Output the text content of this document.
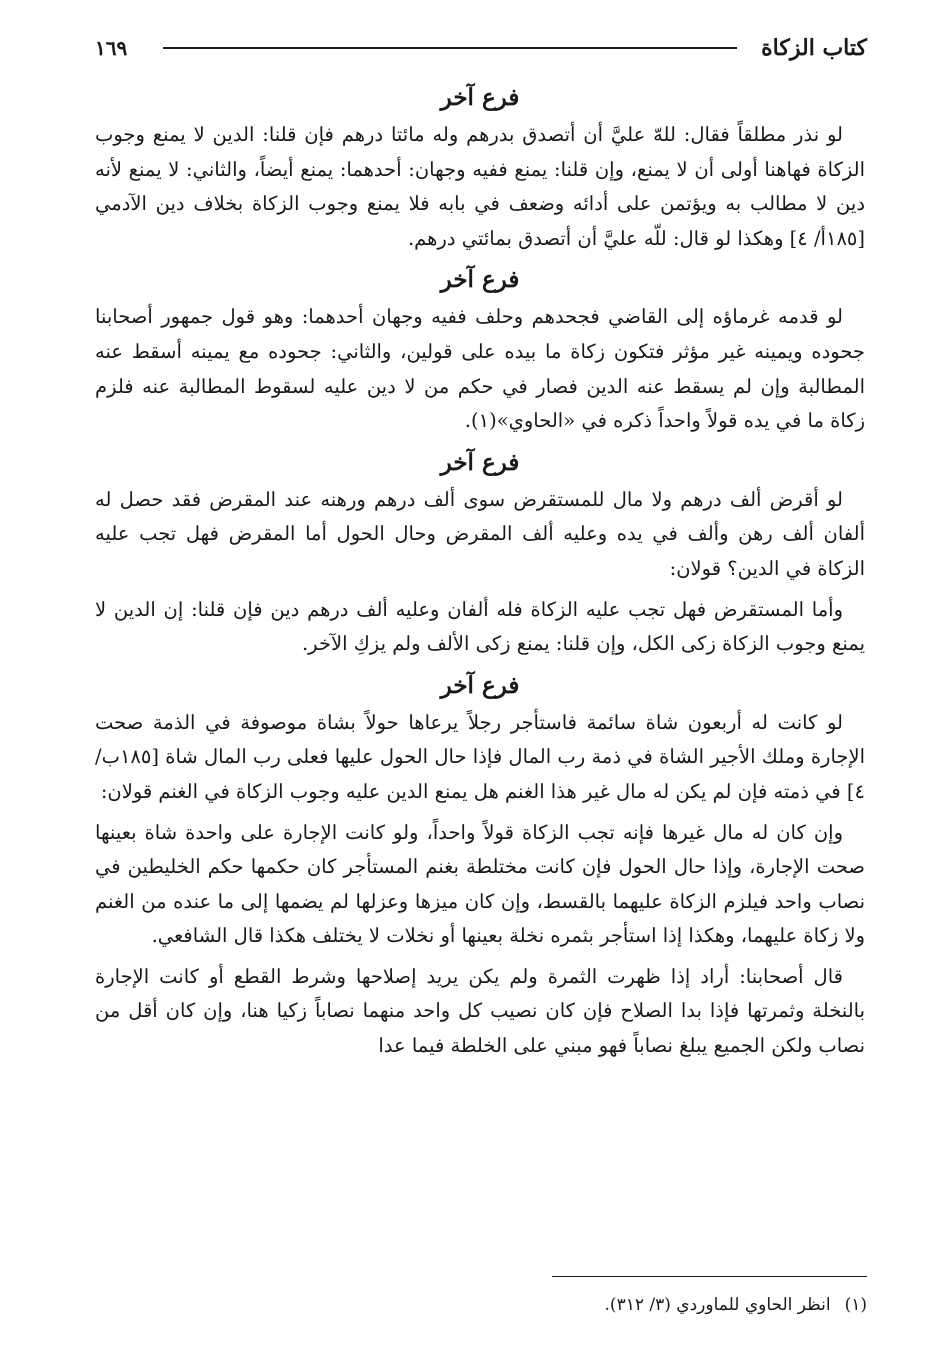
كتاب الزكاة
١٦٩
فرع آخر

لو نذر مطلقاً فقال: للهّ عليَّ أن أتصدق بدرهم وله مائتا درهم فإن قلنا: الدين لا يمنع وجوب الزكاة فهاهنا أولى أن لا يمنع، وإن قلنا: يمنع ففيه وجهان: أحدهما: يمنع أيضاً، والثاني: لا يمنع لأنه دين لا مطالب به ويؤتمن على أدائه وضعف في بابه فلا يمنع وجوب الزكاة بخلاف دين الآدمي [١٨٥أ/ ٤] وهكذا لو قال: للّه عليَّ أن أتصدق بمائتي درهم.

فرع آخر

لو قدمه غرماؤه إلى القاضي فجحدهم وحلف ففيه وجهان أحدهما: وهو قول جمهور أصحابنا جحوده ويمينه غير مؤثر فتكون زكاة ما بيده على قولين، والثاني: جحوده مع يمينه أسقط عنه المطالبة وإن لم يسقط عنه الدين فصار في حكم من لا دين عليه لسقوط المطالبة عنه فلزم زكاة ما في يده قولاً واحداً ذكره في «الحاوي»(١).

فرع آخر

لو أقرض ألف درهم ولا مال للمستقرض سوى ألف درهم ورهنه عند المقرض فقد حصل له ألفان ألف رهن وألف في يده وعليه ألف المقرض وحال الحول أما المقرض فهل تجب عليه الزكاة في الدين؟ قولان:

وأما المستقرض فهل تجب عليه الزكاة فله ألفان وعليه ألف درهم دين فإن قلنا: إن الدين لا يمنع وجوب الزكاة زكى الكل، وإن قلنا: يمنع زكى الألف ولم يزكِ الآخر.

فرع آخر

لو كانت له أربعون شاة سائمة فاستأجر رجلاً يرعاها حولاً بشاة موصوفة في الذمة صحت الإجارة وملك الأجير الشاة في ذمة رب المال فإذا حال الحول عليها فعلى رب المال شاة [١٨٥ب/ ٤] في ذمته فإن لم يكن له مال غير هذا الغنم هل يمنع الدين عليه وجوب الزكاة في الغنم قولان:

وإن كان له مال غيرها فإنه تجب الزكاة قولاً واحداً، ولو كانت الإجارة على واحدة شاة بعينها صحت الإجارة، وإذا حال الحول فإن كانت مختلطة بغنم المستأجر كان حكمها حكم الخليطين في نصاب واحد فيلزم الزكاة عليهما بالقسط، وإن كان ميزها وعزلها لم يضمها إلى ما عنده من الغنم ولا زكاة عليهما، وهكذا إذا استأجر بثمره نخلة بعينها أو نخلات لا يختلف هكذا قال الشافعي.

قال أصحابنا: أراد إذا ظهرت الثمرة ولم يكن يريد إصلاحها وشرط القطع أو كانت الإجارة بالنخلة وثمرتها فإذا بدا الصلاح فإن كان نصيب كل واحد منهما نصاباً زكيا هنا، وإن كان أقل من نصاب ولكن الجميع يبلغ نصاباً فهو مبني على الخلطة فيما عدا

(١)انظر الحاوي للماوردي (٣/ ٣١٢).
